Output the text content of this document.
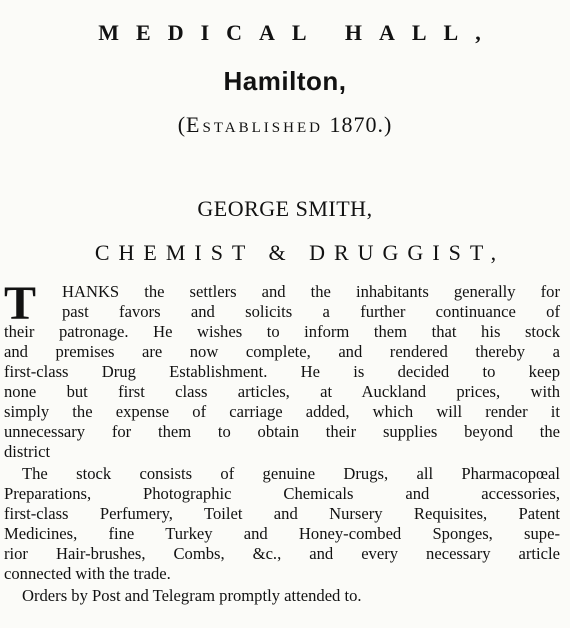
MEDICAL HALL,
Hamilton,
(Established 1870.)
GEORGE SMITH,
CHEMIST & DRUGGIST,
T HANKS the settlers and the inhabitants generally for
past favors and solicits a further continuance of
their patronage. He wishes to inform them that his stock
and premises are now complete, and rendered thereby a
first-class Drug Establishment. He is decided to keep
none but first class articles, at Auckland prices, with
simply the expense of carriage added, which will render it
unnecessary for them to obtain their supplies beyond the
district
The stock consists of genuine Drugs, all Pharmacopœal
Preparations, Photographic Chemicals and accessories,
first-class Perfumery, Toilet and Nursery Requisites, Patent
Medicines, fine Turkey and Honey-combed Sponges, supe-
rior Hair-brushes, Combs, &c., and every necessary article
connected with the trade.
Orders by Post and Telegram promptly attended to.
